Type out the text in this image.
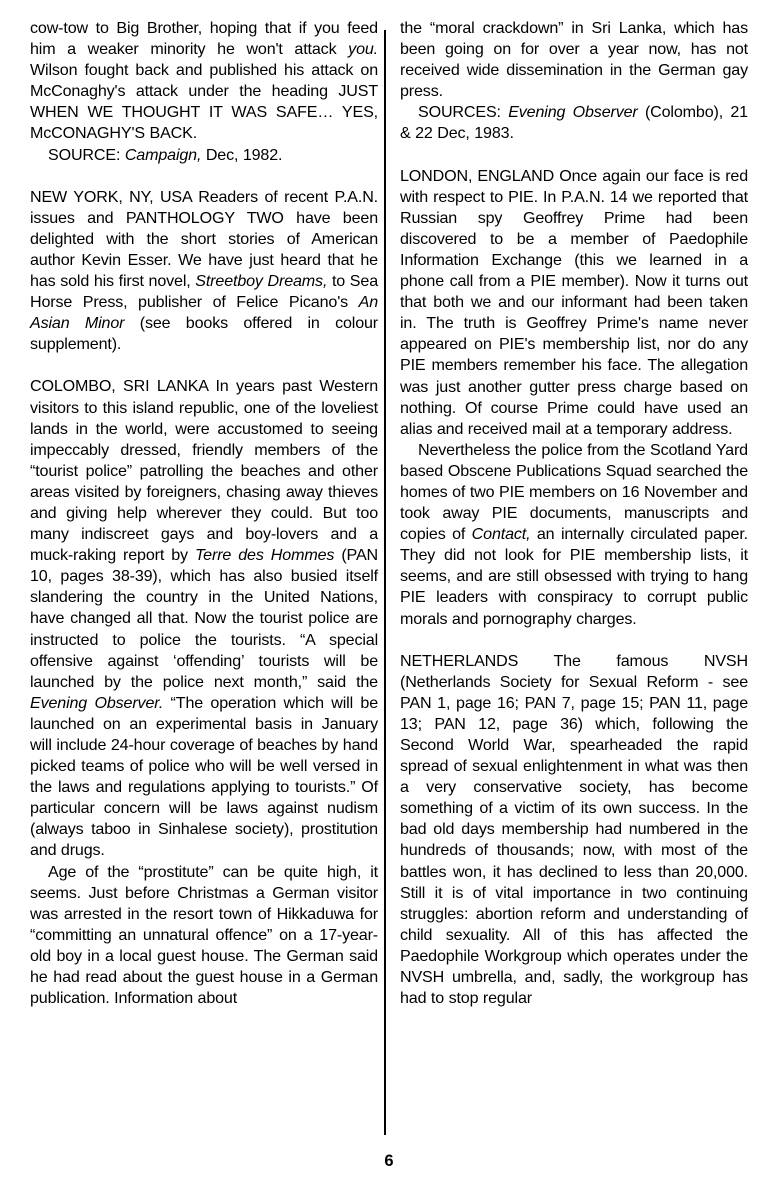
cow-tow to Big Brother, hoping that if you feed him a weaker minority he won't attack you. Wilson fought back and published his attack on McConaghy's attack under the heading JUST WHEN WE THOUGHT IT WAS SAFE… YES, McCONAGHY'S BACK.

SOURCE: Campaign, Dec, 1982.

NEW YORK, NY, USA Readers of recent P.A.N. issues and PANTHOLOGY TWO have been delighted with the short stories of American author Kevin Esser. We have just heard that he has sold his first novel, Streetboy Dreams, to Sea Horse Press, publisher of Felice Picano's An Asian Minor (see books offered in colour supplement).

COLOMBO, SRI LANKA In years past Western visitors to this island republic, one of the loveliest lands in the world, were accustomed to seeing impeccably dressed, friendly members of the “tourist police” patrolling the beaches and other areas visited by foreigners, chasing away thieves and giving help wherever they could. But too many indiscreet gays and boy-lovers and a muck-raking report by Terre des Hommes (PAN 10, pages 38-39), which has also busied itself slandering the country in the United Nations, have changed all that. Now the tourist police are instructed to police the tourists. “A special offensive against ‘offending’ tourists will be launched by the police next month,” said the Evening Observer. “The operation which will be launched on an experimental basis in January will include 24-hour coverage of beaches by hand picked teams of police who will be well versed in the laws and regulations applying to tourists.” Of particular concern will be laws against nudism (always taboo in Sinhalese society), prostitution and drugs.

Age of the “prostitute” can be quite high, it seems. Just before Christmas a German visitor was arrested in the resort town of Hikkaduwa for “committing an unnatural offence” on a 17-year-old boy in a local guest house. The German said he had read about the guest house in a German publication. Information about

the “moral crackdown” in Sri Lanka, which has been going on for over a year now, has not received wide dissemination in the German gay press.

SOURCES: Evening Observer (Colombo), 21 & 22 Dec, 1983.

LONDON, ENGLAND Once again our face is red with respect to PIE. In P.A.N. 14 we reported that Russian spy Geoffrey Prime had been discovered to be a member of Paedophile Information Exchange (this we learned in a phone call from a PIE member). Now it turns out that both we and our informant had been taken in. The truth is Geoffrey Prime's name never appeared on PIE's membership list, nor do any PIE members remember his face. The allegation was just another gutter press charge based on nothing. Of course Prime could have used an alias and received mail at a temporary address.

Nevertheless the police from the Scotland Yard based Obscene Publications Squad searched the homes of two PIE members on 16 November and took away PIE documents, manuscripts and copies of Contact, an internally circulated paper. They did not look for PIE membership lists, it seems, and are still obsessed with trying to hang PIE leaders with conspiracy to corrupt public morals and pornography charges.

NETHERLANDS The famous NVSH (Netherlands Society for Sexual Reform - see PAN 1, page 16; PAN 7, page 15; PAN 11, page 13; PAN 12, page 36) which, following the Second World War, spearheaded the rapid spread of sexual enlightenment in what was then a very conservative society, has become something of a victim of its own success. In the bad old days membership had numbered in the hundreds of thousands; now, with most of the battles won, it has declined to less than 20,000. Still it is of vital importance in two continuing struggles: abortion reform and understanding of child sexuality. All of this has affected the Paedophile Workgroup which operates under the NVSH umbrella, and, sadly, the workgroup has had to stop regular

6
